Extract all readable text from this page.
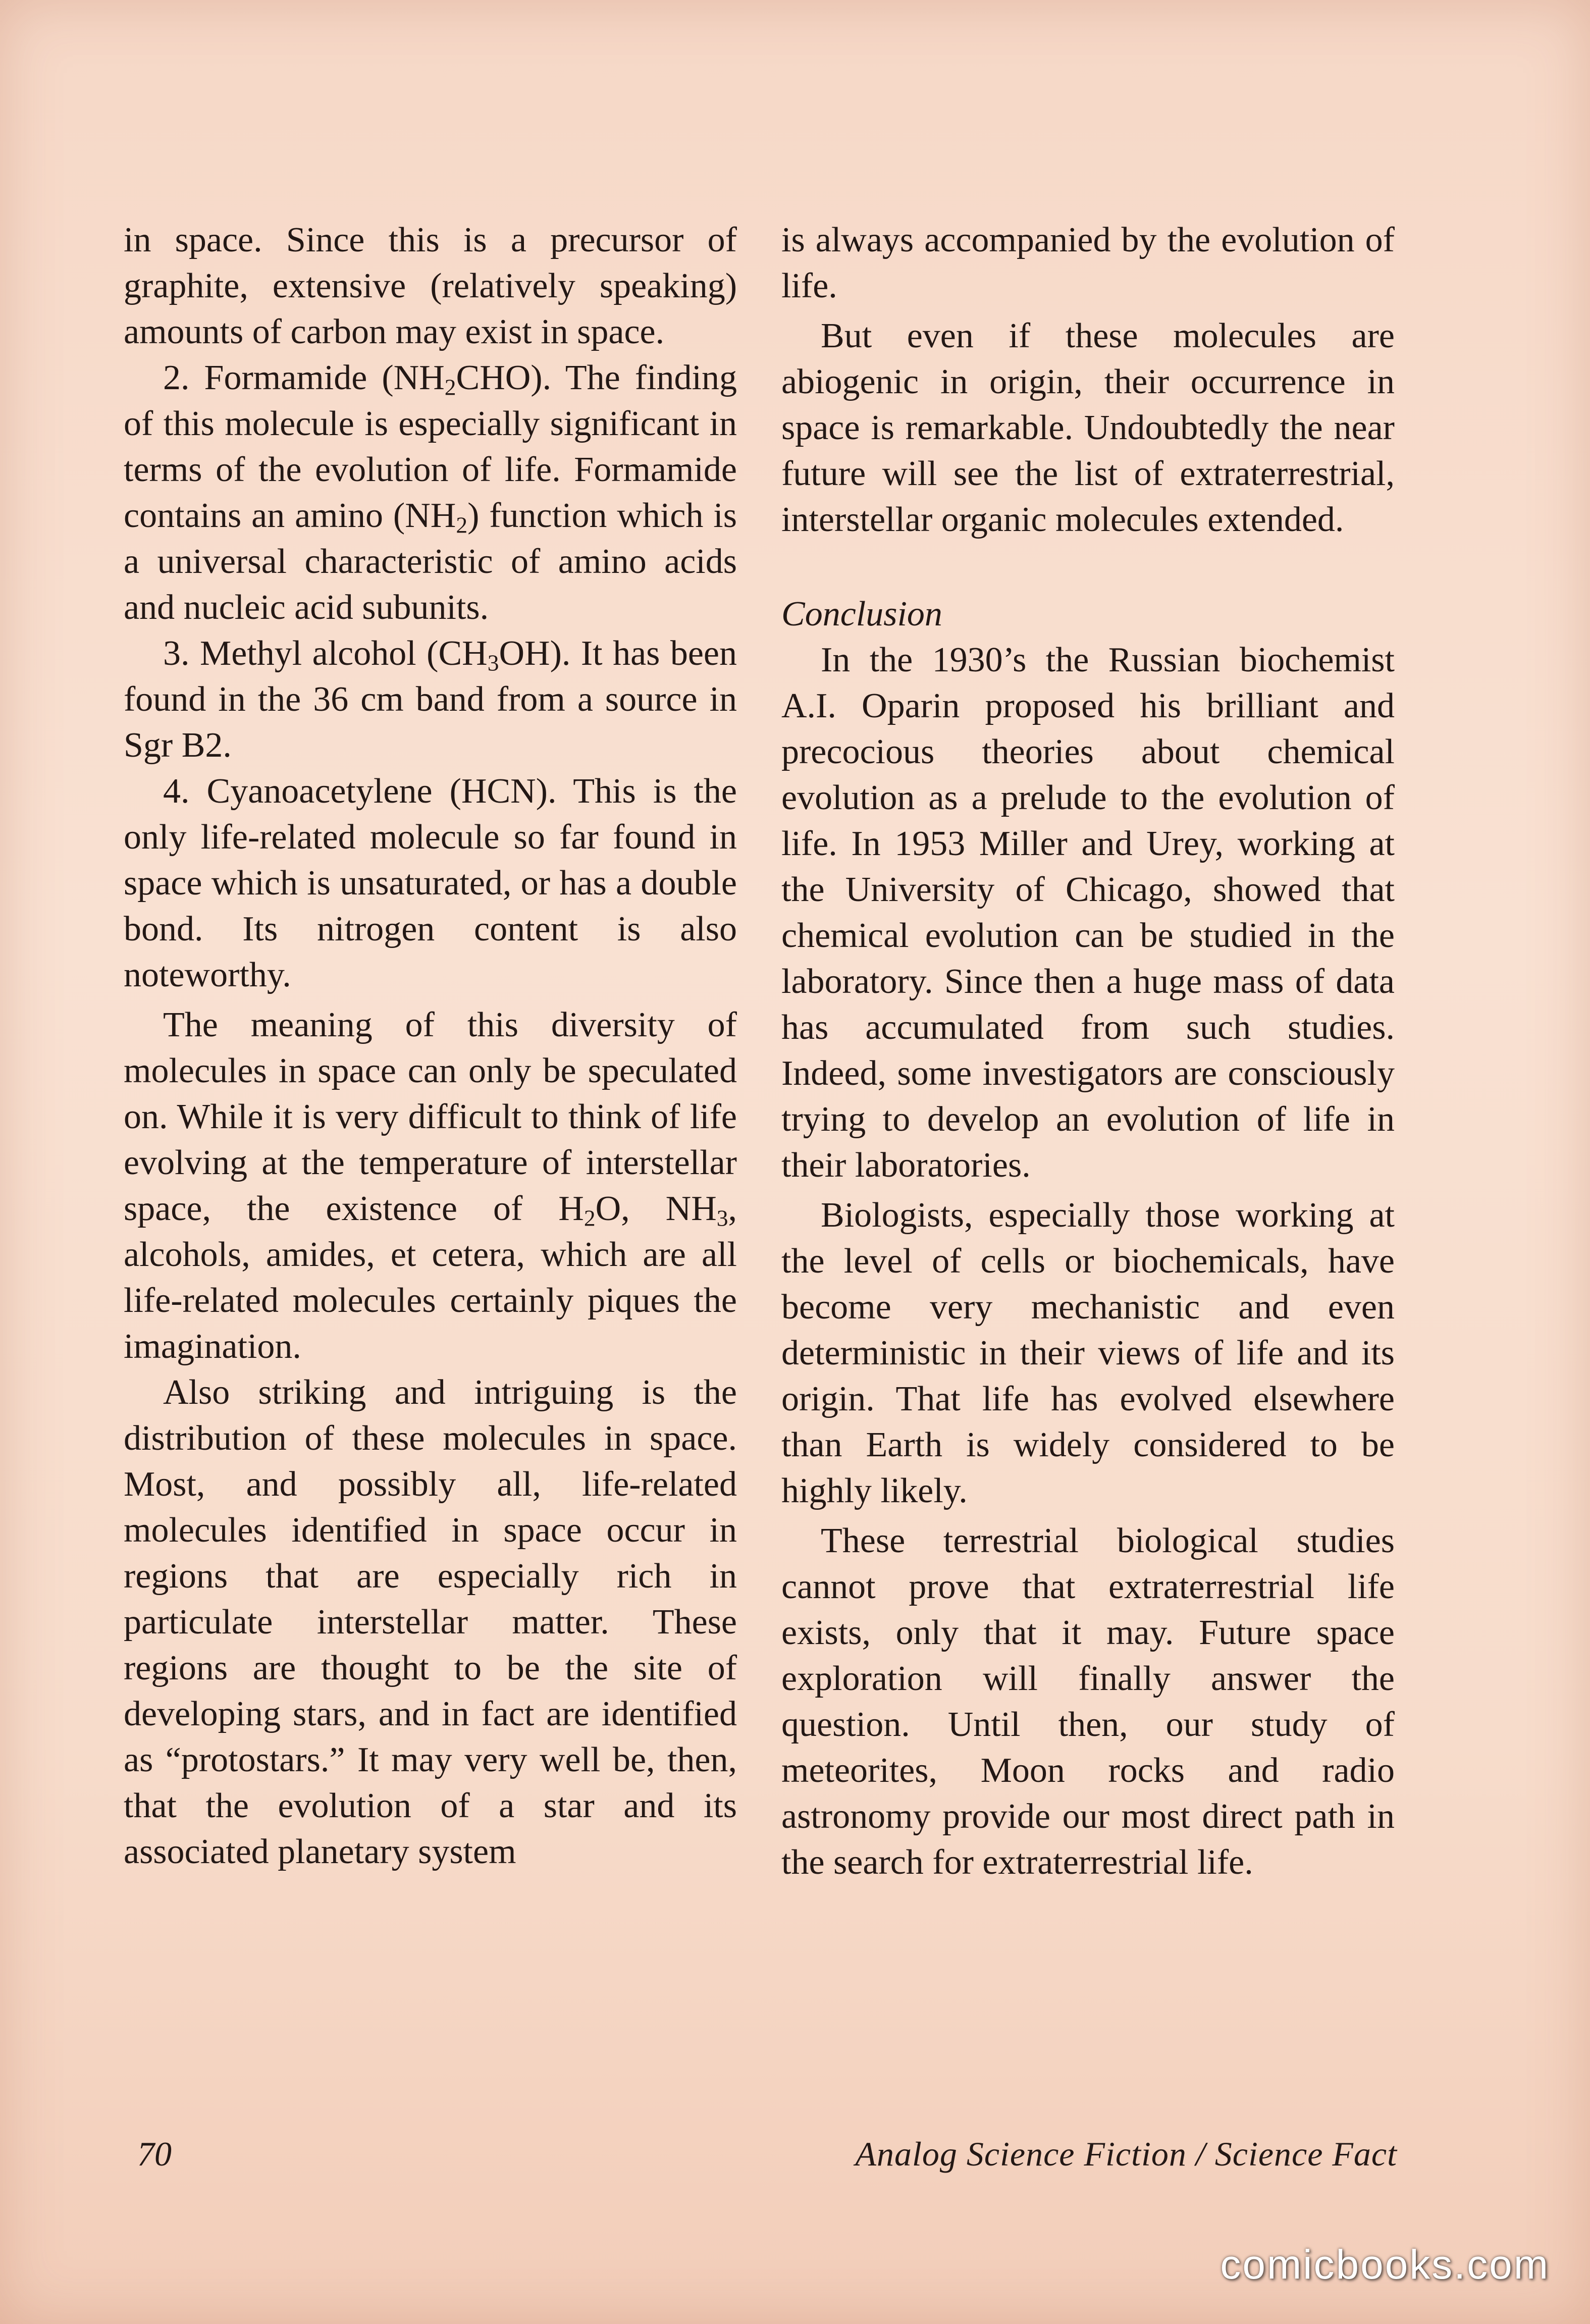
in space. Since this is a precursor of graphite, extensive (relatively speaking) amounts of carbon may exist in space.

2. Formamide $(NH_2CHO)$. The finding of this molecule is especially significant in terms of the evolution of life. Formamide contains an amino $(NH_2)$ function which is a universal characteristic of amino acids and nucleic acid subunits.

3. Methyl alcohol $(CH_3OH)$. It has been found in the 36 cm band from a source in Sgr B2.

4. Cyanoacetylene (HCN). This is the only life-related molecule so far found in space which is unsaturated, or has a double bond. Its nitrogen content is also noteworthy.

The meaning of this diversity of molecules in space can only be speculated on. While it is very difficult to think of life evolving at the temperature of interstellar space, the existence of $H_2O$, $NH_3$, alcohols, amides, et cetera, which are all life-related molecules certainly piques the imagination.

Also striking and intriguing is the distribution of these molecules in space. Most, and possibly all, life-related molecules identified in space occur in regions that are especially rich in particulate interstellar matter. These regions are thought to be the site of developing stars, and in fact are identified as “protostars.” It may very well be, then, that the evolution of a star and its associated planetary system

is always accompanied by the evolution of life.

But even if these molecules are abiogenic in origin, their occurrence in space is remarkable. Undoubtedly the near future will see the list of extraterrestrial, interstellar organic molecules extended.

Conclusion

In the 1930’s the Russian biochemist A.I. Oparin proposed his brilliant and precocious theories about chemical evolution as a prelude to the evolution of life. In 1953 Miller and Urey, working at the University of Chicago, showed that chemical evolution can be studied in the laboratory. Since then a huge mass of data has accumulated from such studies. Indeed, some investigators are consciously trying to develop an evolution of life in their laboratories.

Biologists, especially those working at the level of cells or biochemicals, have become very mechanistic and even deterministic in their views of life and its origin. That life has evolved elsewhere than Earth is widely considered to be highly likely.

These terrestrial biological studies cannot prove that extraterrestrial life exists, only that it may. Future space exploration will finally answer the question. Until then, our study of meteorites, Moon rocks and radio astronomy provide our most direct path in the search for extraterrestrial life.

70	Analog Science Fiction / Science Fact
comicbooks.com
